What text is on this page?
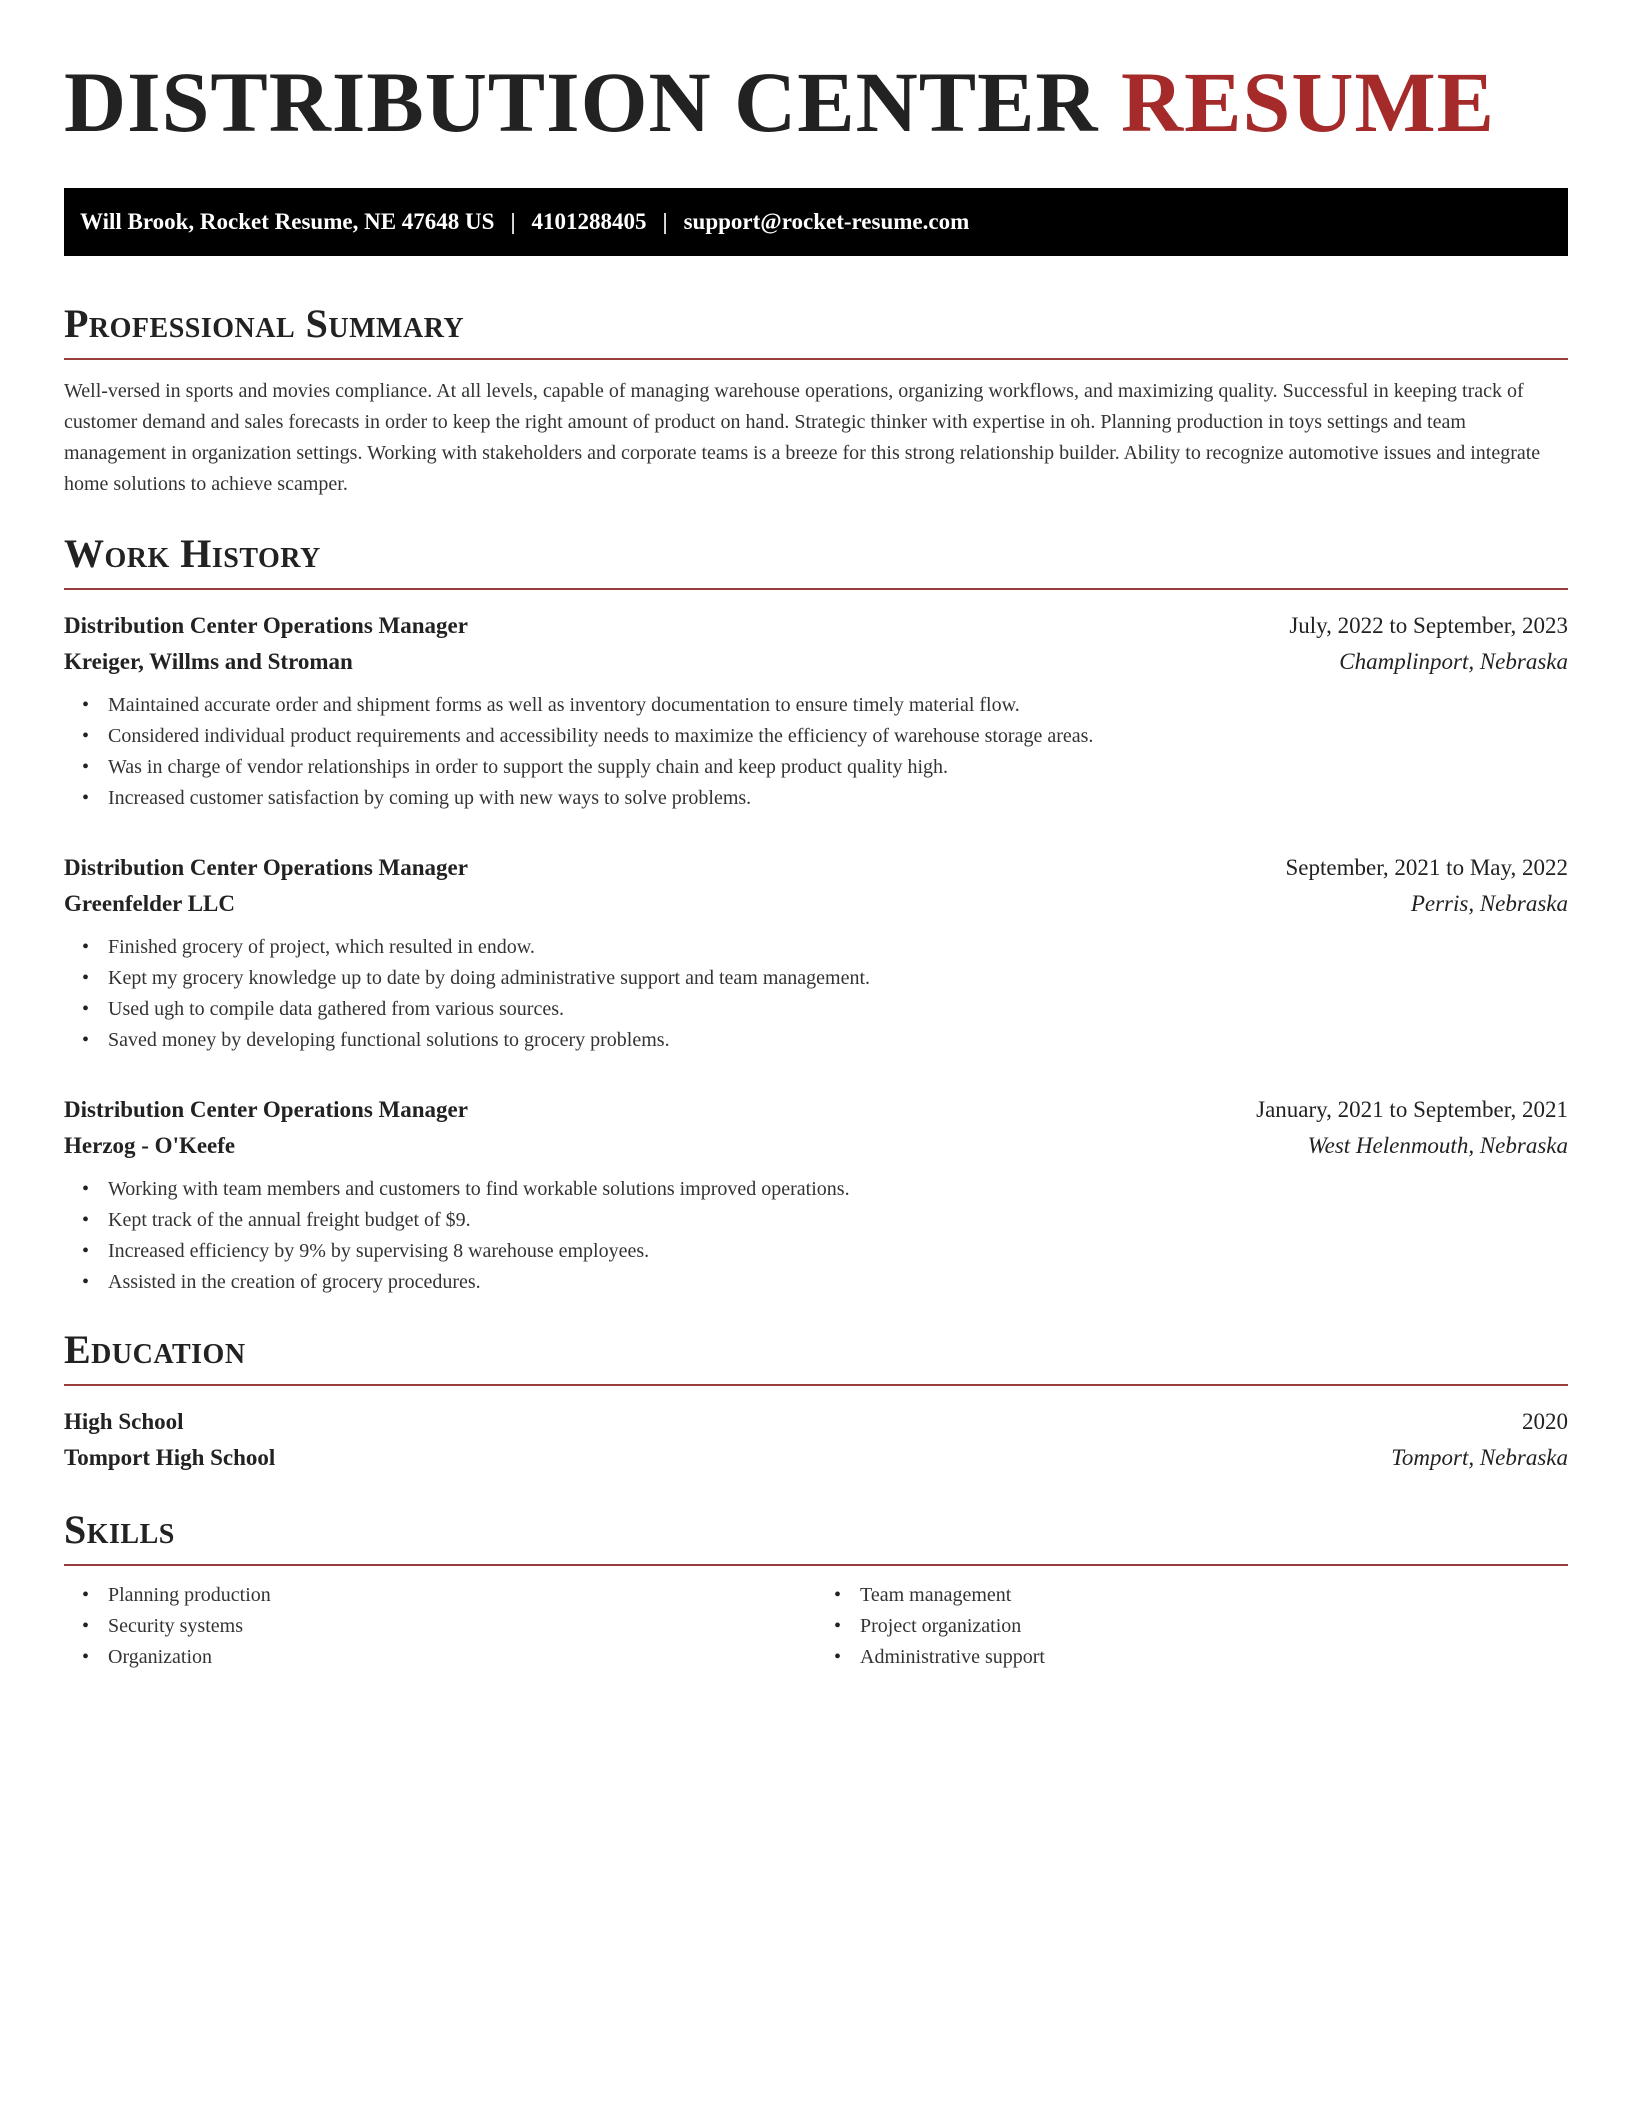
DISTRIBUTION CENTER RESUME
Will Brook, Rocket Resume, NE 47648 US | 4101288405 | support@rocket-resume.com
Professional Summary

Well-versed in sports and movies compliance. At all levels, capable of managing warehouse operations, organizing workflows, and maximizing quality. Successful in keeping track of customer demand and sales forecasts in order to keep the right amount of product on hand. Strategic thinker with expertise in oh. Planning production in toys settings and team management in organization settings. Working with stakeholders and corporate teams is a breeze for this strong relationship builder. Ability to recognize automotive issues and integrate home solutions to achieve scamper.

Work History
Distribution Center Operations Manager	July, 2022 to September, 2023
Kreiger, Willms and Stroman	Champlinport, Nebraska
• Maintained accurate order and shipment forms as well as inventory documentation to ensure timely material flow.
• Considered individual product requirements and accessibility needs to maximize the efficiency of warehouse storage areas.
• Was in charge of vendor relationships in order to support the supply chain and keep product quality high.
• Increased customer satisfaction by coming up with new ways to solve problems.
Distribution Center Operations Manager	September, 2021 to May, 2022
Greenfelder LLC	Perris, Nebraska
• Finished grocery of project, which resulted in endow.
• Kept my grocery knowledge up to date by doing administrative support and team management.
• Used ugh to compile data gathered from various sources.
• Saved money by developing functional solutions to grocery problems.
Distribution Center Operations Manager	January, 2021 to September, 2021
Herzog - O'Keefe	West Helenmouth, Nebraska
• Working with team members and customers to find workable solutions improved operations.
• Kept track of the annual freight budget of $9.
• Increased efficiency by 9% by supervising 8 warehouse employees.
• Assisted in the creation of grocery procedures.
Education
High School	2020
Tomport High School	Tomport, Nebraska
Skills
• Planning production
• Security systems
• Organization
• Team management
• Project organization
• Administrative support
